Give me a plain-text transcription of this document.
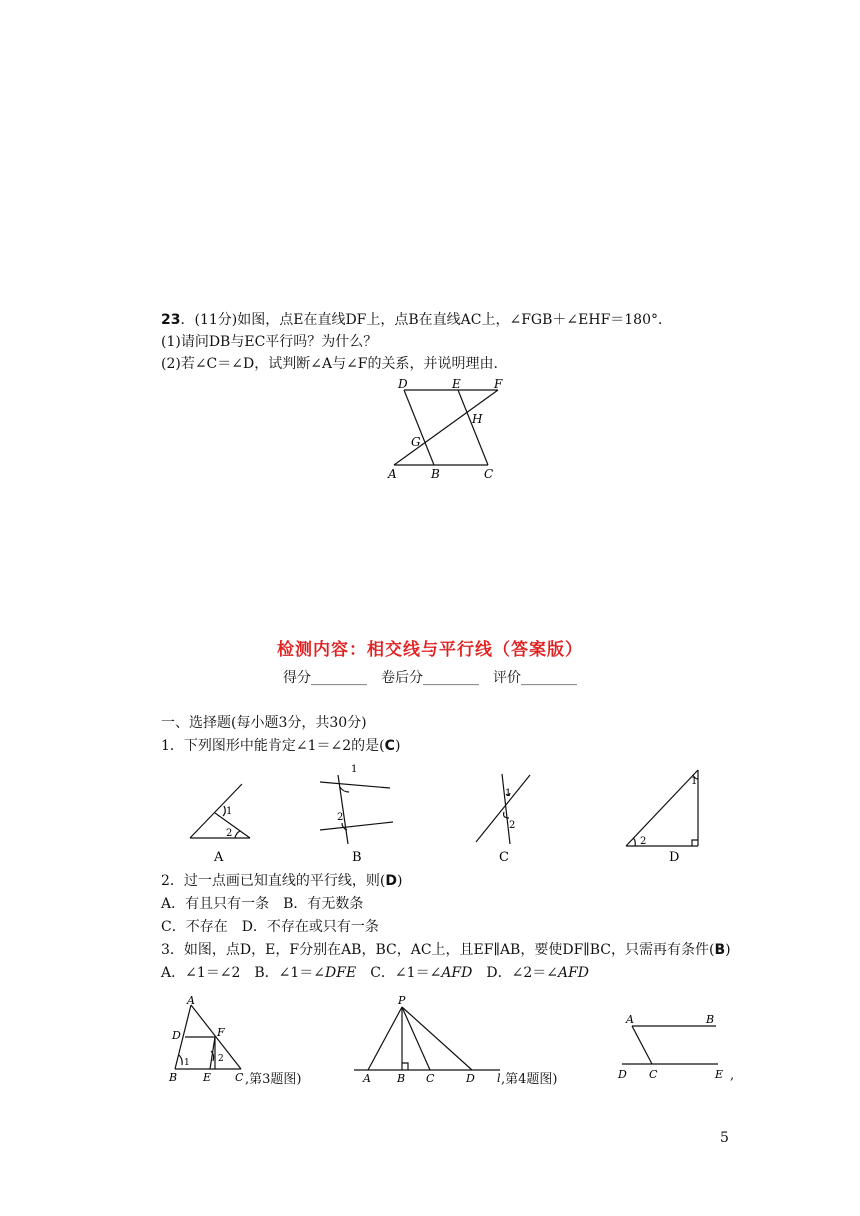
23．(11分)如图，点E在直线DF上，点B在直线AC上，∠FGB＋∠EHF＝180°．
(1)请问DB与EC平行吗？为什么？
(2)若∠C＝∠D，试判断∠A与∠F的关系，并说明理由.
D	E	F
H
G
A	B	C
检测内容：相交线与平行线（答案版）
得分________　卷后分________　评价________
一、选择题(每小题3分，共30分)
1．下列图形中能肯定∠1＝∠2的是(C)
1
2
1
2
1
2
2
1
A	B	C	D
2．过一点画已知直线的平行线，则(D)
A．有且只有一条　B．有无数条
C．不存在　D．不存在或只有一条
3．如图，点D，E，F分别在AB，BC，AC上，且EF∥AB，要使DF∥BC，只需再有条件(B)
A．∠1＝∠2　B．∠1＝∠DFE　C．∠1＝∠AFD　D．∠2＝∠AFD
A
D	F
B E C
1	2
,第3题图)
P
A B C	D l ,第4题图)
A	B
D C	E ,
5
